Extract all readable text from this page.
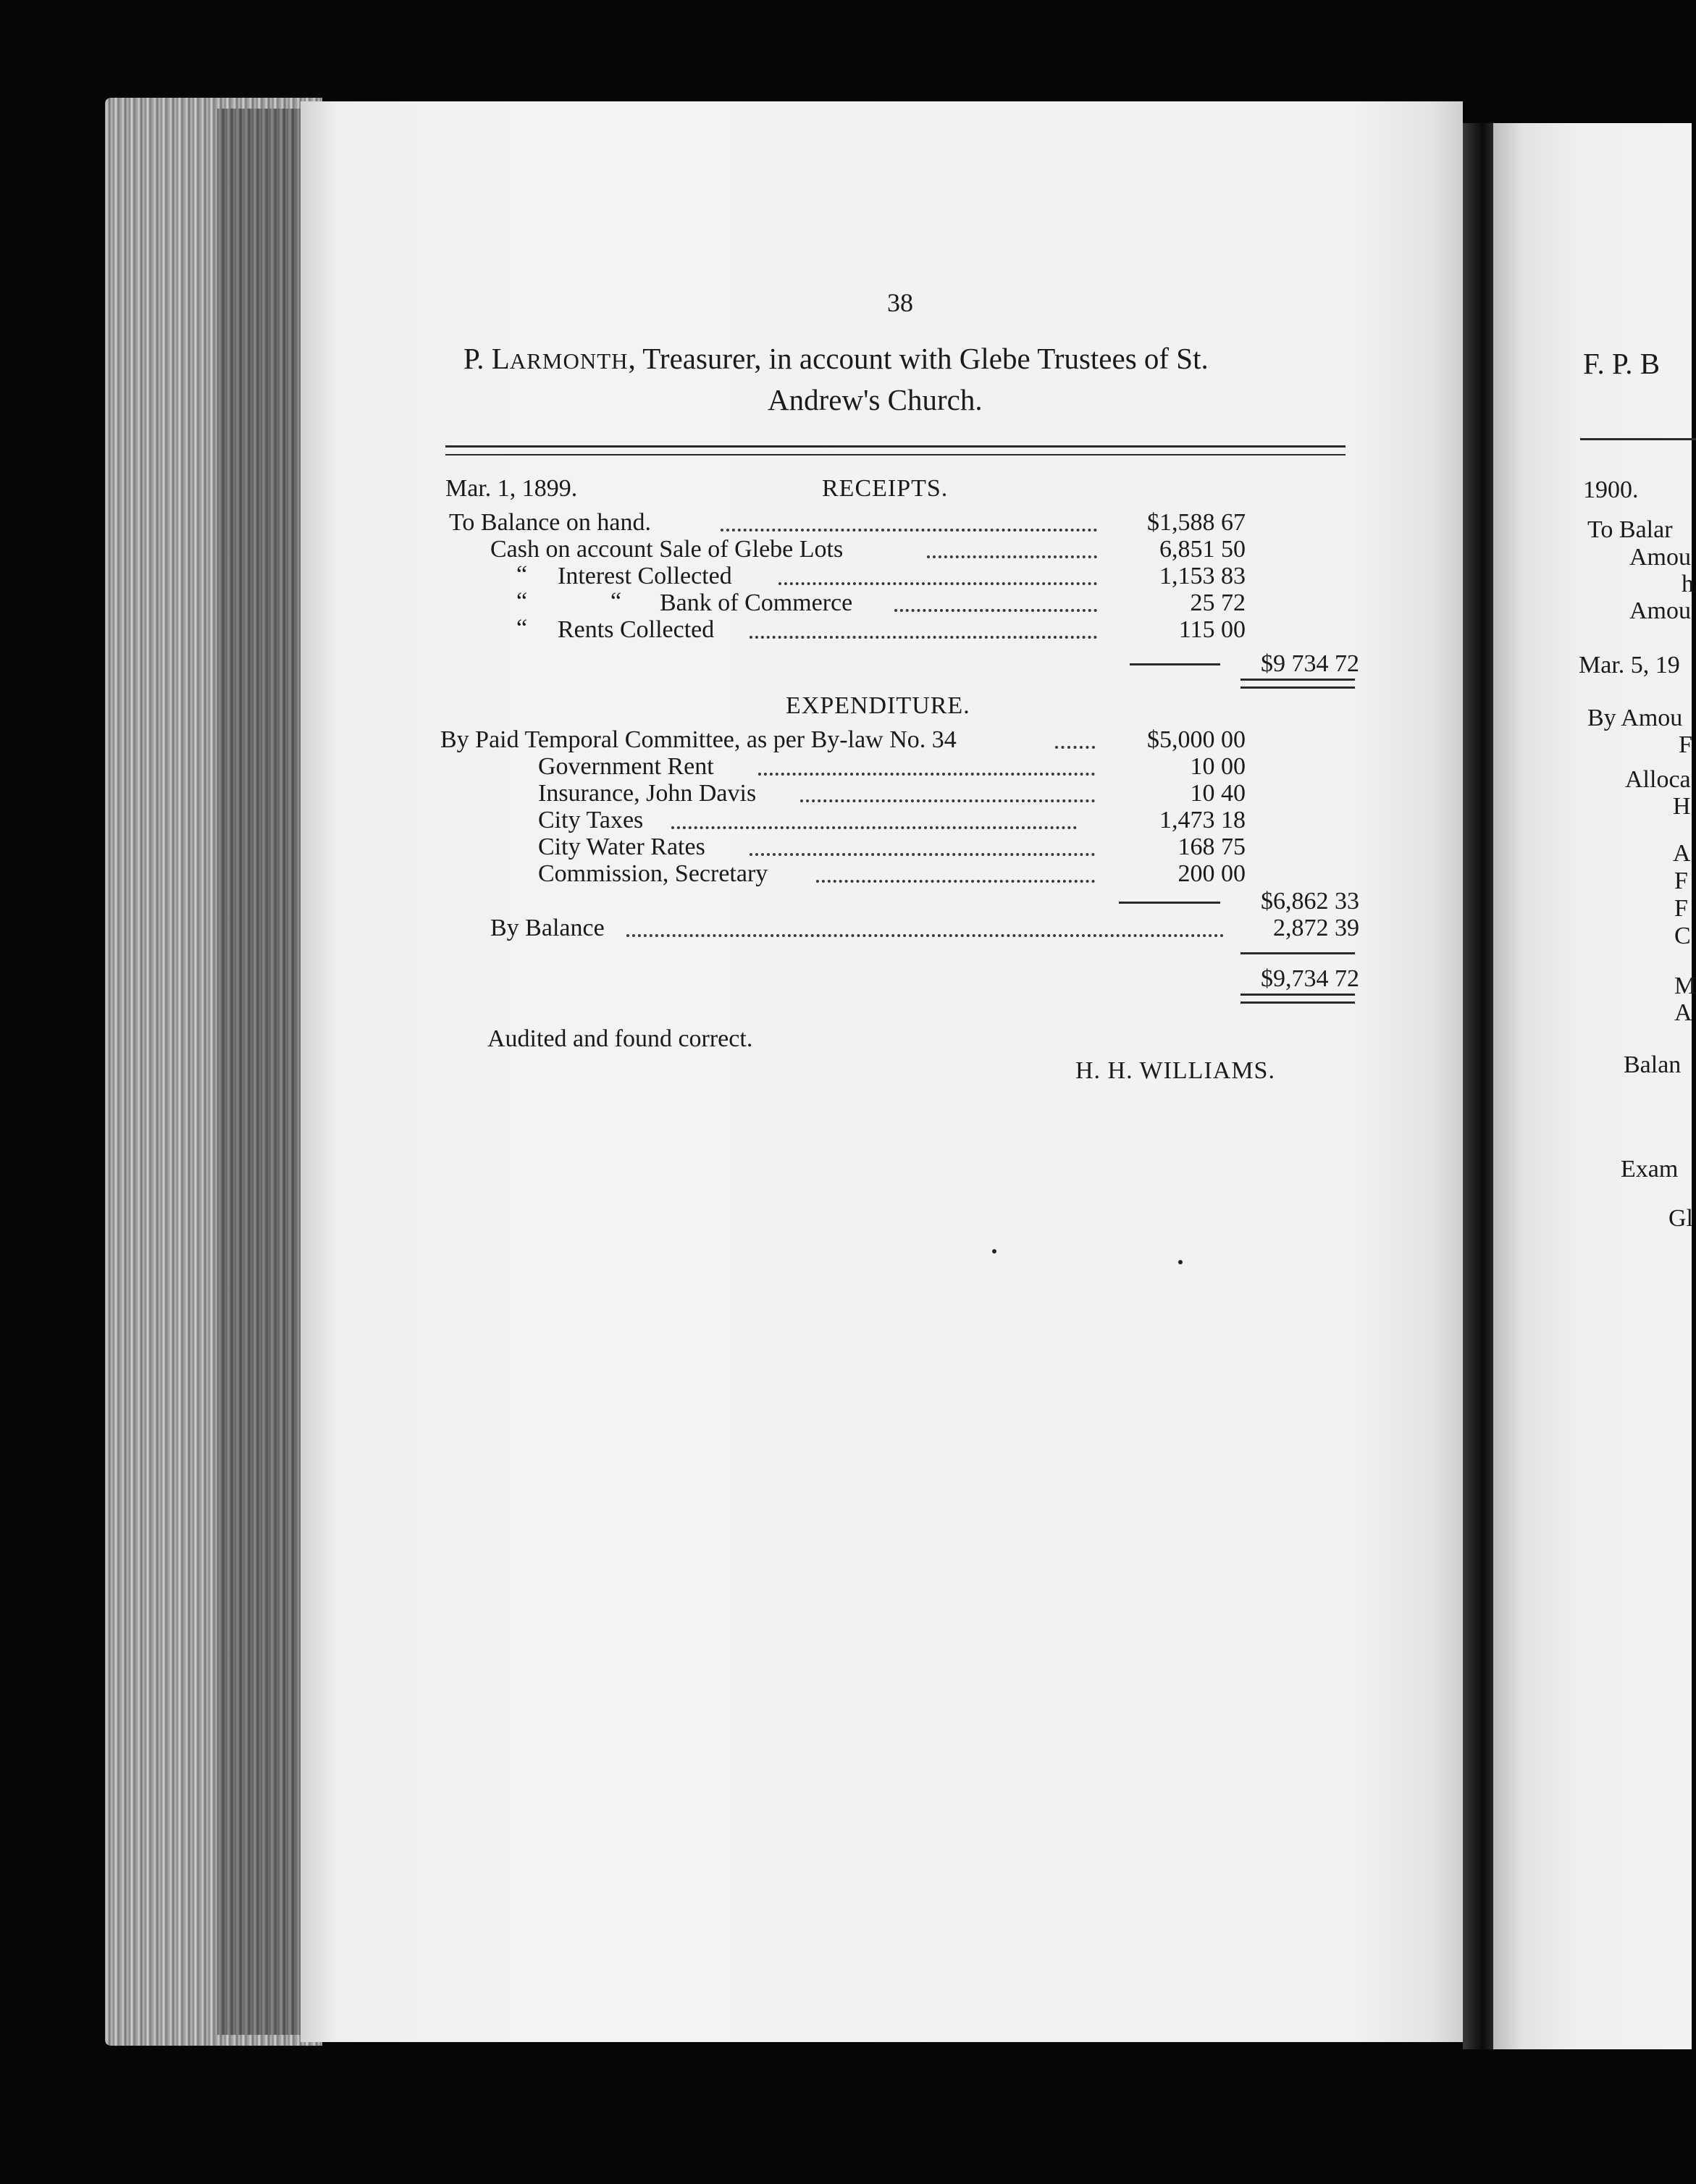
38
P. LARMONTH, Treasurer, in account with Glebe Trustees of St.
Andrew's Church.
Mar. 1, 1899.	RECEIPTS.
To Balance on hand.	$1,588 67
Cash on account Sale of Glebe Lots	6,851 50
“ Interest Collected	1,153 83
“	“ Bank of Commerce	25 72
“ Rents Collected	115 00
$9 734 72
EXPENDITURE.
By Paid Temporal Committee, as per By-law No. 34	$5,000 00
Government Rent	10 00
Insurance, John Davis	10 40
City Taxes	1,473 18
City Water Rates	168 75
Commission, Secretary	200 00
$6,862 33
By Balance	2,872 39
$9,734 72
Audited and found correct.
H. H. WILLIAMS.
F. P. B
1900.
To Balar
Amou
h
Amou
Mar. 5, 19
By Amou
F
Alloca
H
A
F
F
C
M
A
Balan
Exam
Gl
